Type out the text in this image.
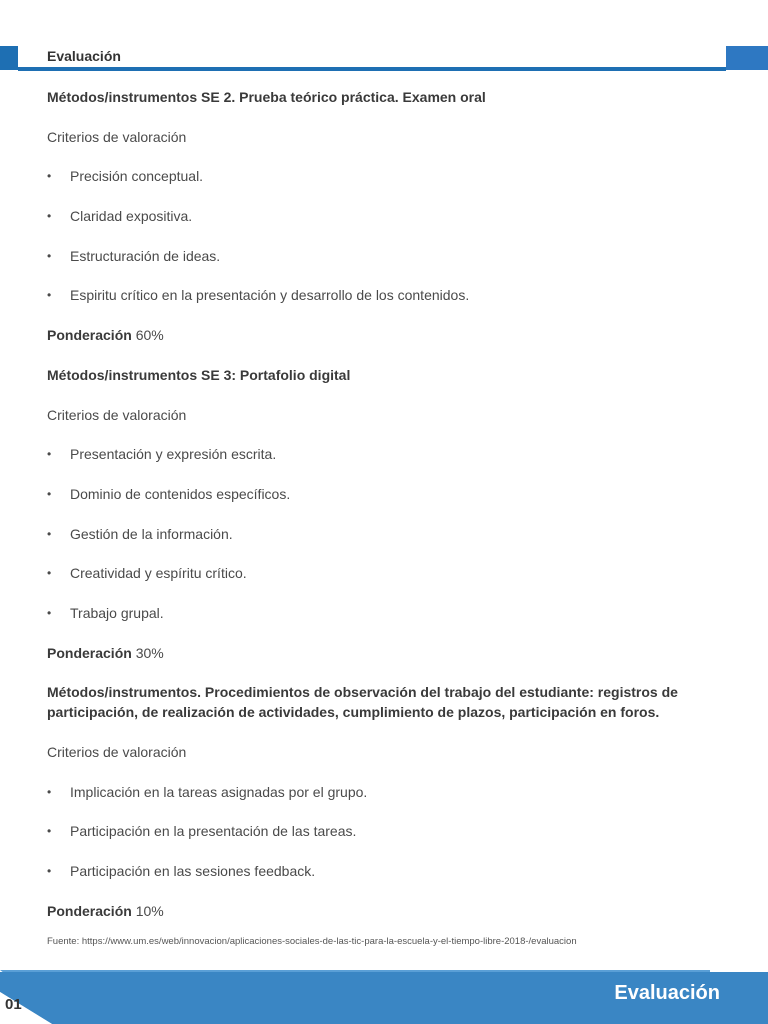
Evaluación

Métodos/instrumentos SE 2. Prueba teórico práctica. Examen oral

Criterios de valoración

• Precisión conceptual.
• Claridad expositiva.
• Estructuración de ideas.
• Espiritu crítico en la presentación y desarrollo de los contenidos.

Ponderación 60%

Métodos/instrumentos SE 3: Portafolio digital

Criterios de valoración

• Presentación y expresión escrita.
• Dominio de contenidos específicos.
• Gestión de la información.
• Creatividad y espíritu crítico.
• Trabajo grupal.

Ponderación 30%

Métodos/instrumentos. Procedimientos de observación del trabajo del estudiante: registros de participación, de realización de actividades, cumplimiento de plazos, participación en foros.

Criterios de valoración

• Implicación en la tareas asignadas por el grupo.
• Participación en la presentación de las tareas.
• Participación en las sesiones feedback.

Ponderación 10%

Fuente: https://www.um.es/web/innovacion/aplicaciones-sociales-de-las-tic-para-la-escuela-y-el-tiempo-libre-2018-/evaluacion
Evaluación
01
